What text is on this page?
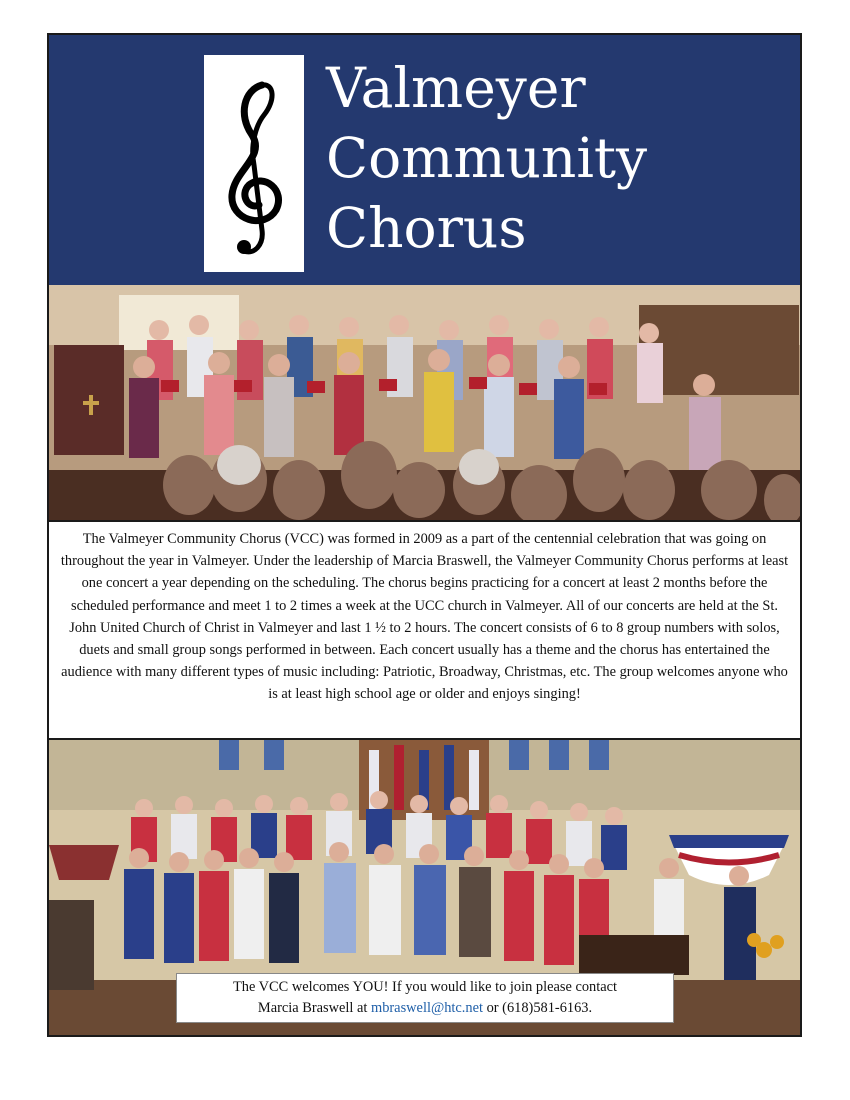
Valmeyer
Community
Chorus
The Valmeyer Community Chorus (VCC) was formed in 2009 as a part of the centennial celebration that was going on throughout the year in Valmeyer. Under the leadership of Marcia Braswell, the Valmeyer Community Chorus performs at least one concert a year depending on the scheduling. The chorus begins practicing for a concert at least 2 months before the scheduled performance and meet 1 to 2 times a week at the UCC church in Valmeyer. All of our concerts are held at the St. John United Church of Christ in Valmeyer and last 1 ½ to 2 hours. The concert consists of 6 to 8 group numbers with solos, duets and small group songs performed in between. Each concert usually has a theme and the chorus has entertained the audience with many different types of music including: Patriotic, Broadway, Christmas, etc. The group welcomes anyone who is at least high school age or older and enjoys singing!
The VCC welcomes YOU! If you would like to join please contact
Marcia Braswell at mbraswell@htc.net or (618)581-6163.
